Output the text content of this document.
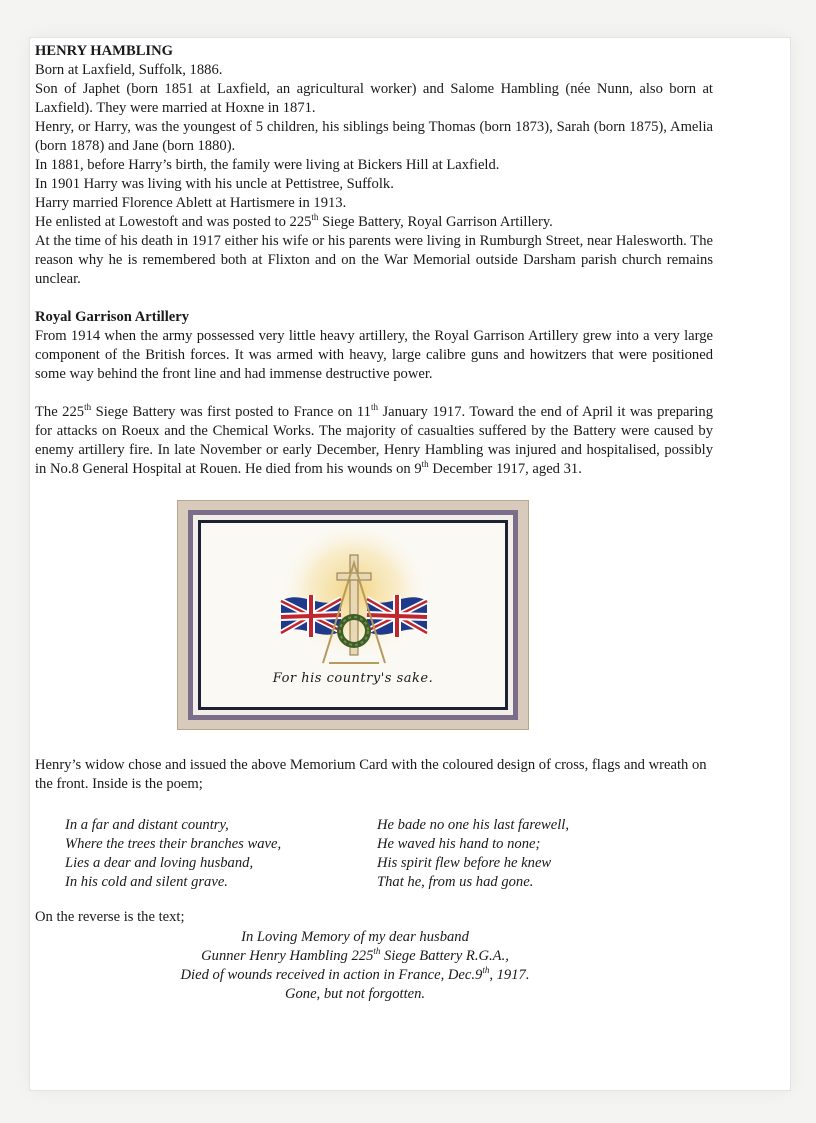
HENRY HAMBLING

Born at Laxfield, Suffolk, 1886.

Son of Japhet (born 1851 at Laxfield, an agricultural worker) and Salome Hambling (née Nunn, also born at Laxfield). They were married at Hoxne in 1871.

Henry, or Harry, was the youngest of 5 children, his siblings being Thomas (born 1873), Sarah (born 1875), Amelia (born 1878) and Jane (born 1880).

In 1881, before Harry’s birth, the family were living at Bickers Hill at Laxfield.

In 1901 Harry was living with his uncle at Pettistree, Suffolk.

Harry married Florence Ablett at Hartismere in 1913.

He enlisted at Lowestoft and was posted to 225th Siege Battery, Royal Garrison Artillery.

At the time of his death in 1917 either his wife or his parents were living in Rumburgh Street, near Halesworth. The reason why he is remembered both at Flixton and on the War Memorial outside Darsham parish church remains unclear.

Royal Garrison Artillery

From 1914 when the army possessed very little heavy artillery, the Royal Garrison Artillery grew into a very large component of the British forces. It was armed with heavy, large calibre guns and howitzers that were positioned some way behind the front line and had immense destructive power.

The 225th Siege Battery was first posted to France on 11th January 1917. Toward the end of April it was preparing for attacks on Roeux and the Chemical Works. The majority of casualties suffered by the Battery were caused by enemy artillery fire. In late November or early December, Henry Hambling was injured and hospitalised, possibly in No.8 General Hospital at Rouen. He died from his wounds on 9th December 1917, aged 31.

For his country's sake.
Henry’s widow chose and issued the above Memorium Card with the coloured design of cross, flags and wreath on the front. Inside is the poem;
In a far and distant country,
Where the trees their branches wave,
Lies a dear and loving husband,
In his cold and silent grave.
He bade no one his last farewell,
He waved his hand to none;
His spirit flew before he knew
That he, from us had gone.
On the reverse is the text;

In Loving Memory of my dear husband

Gunner Henry Hambling 225th Siege Battery R.G.A.,

Died of wounds received in action in France, Dec.9th, 1917.

Gone, but not forgotten.
